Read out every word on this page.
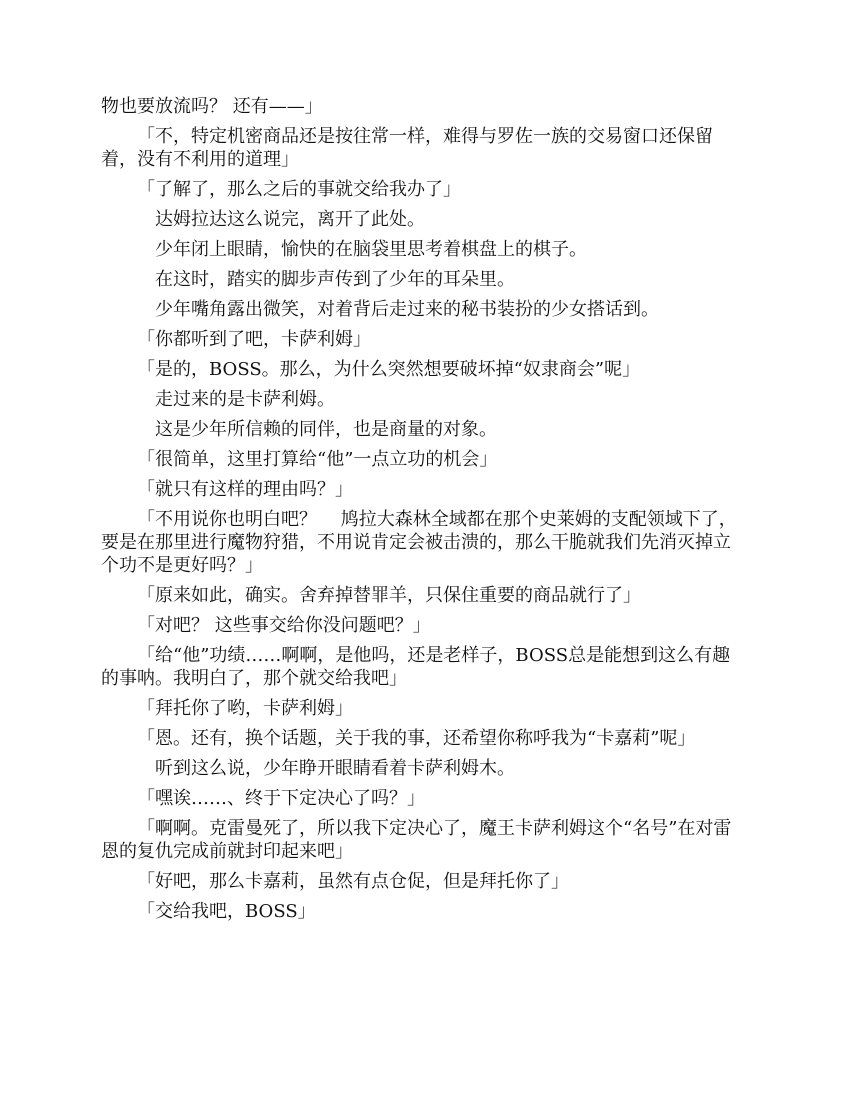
物也要放流吗？ 还有——」

「不，特定机密商品还是按往常一样，难得与罗佐一族的交易窗口还保留着，没有不利用的道理」

「了解了，那么之后的事就交给我办了」

达姆拉达这么说完，离开了此处。

少年闭上眼睛，愉快的在脑袋里思考着棋盘上的棋子。

在这时，踏实的脚步声传到了少年的耳朵里。

少年嘴角露出微笑，对着背后走过来的秘书装扮的少女搭话到。

「你都听到了吧，卡萨利姆」

「是的，BOSS。那么，为什么突然想要破坏掉“奴隶商会”呢」

走过来的是卡萨利姆。

这是少年所信赖的同伴，也是商量的对象。

「很简单，这里打算给“他”一点立功的机会」

「就只有这样的理由吗？」

「不用说你也明白吧？　 鸠拉大森林全域都在那个史莱姆的支配领域下了，要是在那里进行魔物狩猎，不用说肯定会被击溃的，那么干脆就我们先消灭掉立个功不是更好吗？」

「原来如此，确实。舍弃掉替罪羊，只保住重要的商品就行了」

「对吧？ 这些事交给你没问题吧？」

「给“他”功绩……啊啊，是他吗，还是老样子，BOSS总是能想到这么有趣的事呐。我明白了，那个就交给我吧」

「拜托你了哟，卡萨利姆」

「恩。还有，换个话题，关于我的事，还希望你称呼我为“卡嘉莉”呢」

听到这么说，少年睁开眼睛看着卡萨利姆木。

「嘿诶……、终于下定决心了吗？」

「啊啊。克雷曼死了，所以我下定决心了，魔王卡萨利姆这个“名号”在对雷恩的复仇完成前就封印起来吧」

「好吧，那么卡嘉莉，虽然有点仓促，但是拜托你了」

「交给我吧，BOSS」
